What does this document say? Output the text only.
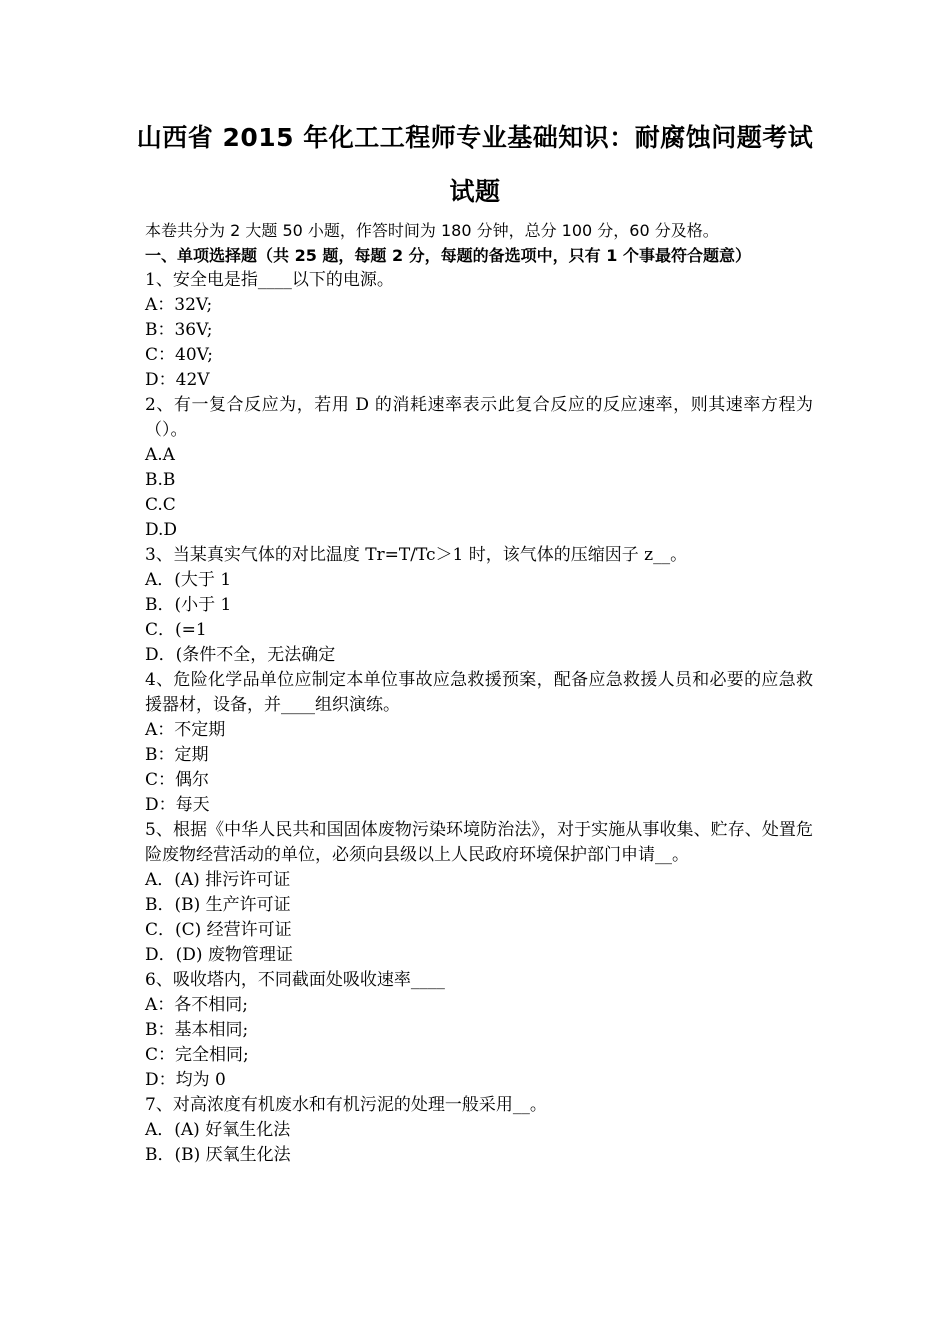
山西省 2015 年化工工程师专业基础知识：耐腐蚀问题考试
试题
本卷共分为 2 大题 50 小题，作答时间为 180 分钟，总分 100 分，60 分及格。
一、单项选择题（共 25 题，每题 2 分，每题的备选项中，只有 1 个事最符合题意）
1、安全电是指____以下的电源。
A：32V;
B：36V;
C：40V;
D：42V
2、有一复合反应为，若用 D 的消耗速率表示此复合反应的反应速率，则其速率方程为（）。
A.A
B.B
C.C
D.D
3、当某真实气体的对比温度 Tr=T/Tc＞1 时，该气体的压缩因子 z__。
A．(大于 1
B．(小于 1
C．(=1
D．(条件不全，无法确定
4、危险化学品单位应制定本单位事故应急救援预案，配备应急救援人员和必要的应急救援器材，设备，并____组织演练。
A：不定期
B：定期
C：偶尔
D：每天
5、根据《中华人民共和国固体废物污染环境防治法》，对于实施从事收集、贮存、处置危险废物经营活动的单位，必须向县级以上人民政府环境保护部门申请__。
A．(A) 排污许可证
B．(B) 生产许可证
C．(C) 经营许可证
D．(D) 废物管理证
6、吸收塔内，不同截面处吸收速率____
A：各不相同;
B：基本相同;
C：完全相同;
D：均为 0
7、对高浓度有机废水和有机污泥的处理一般采用__。
A．(A) 好氧生化法
B．(B) 厌氧生化法
